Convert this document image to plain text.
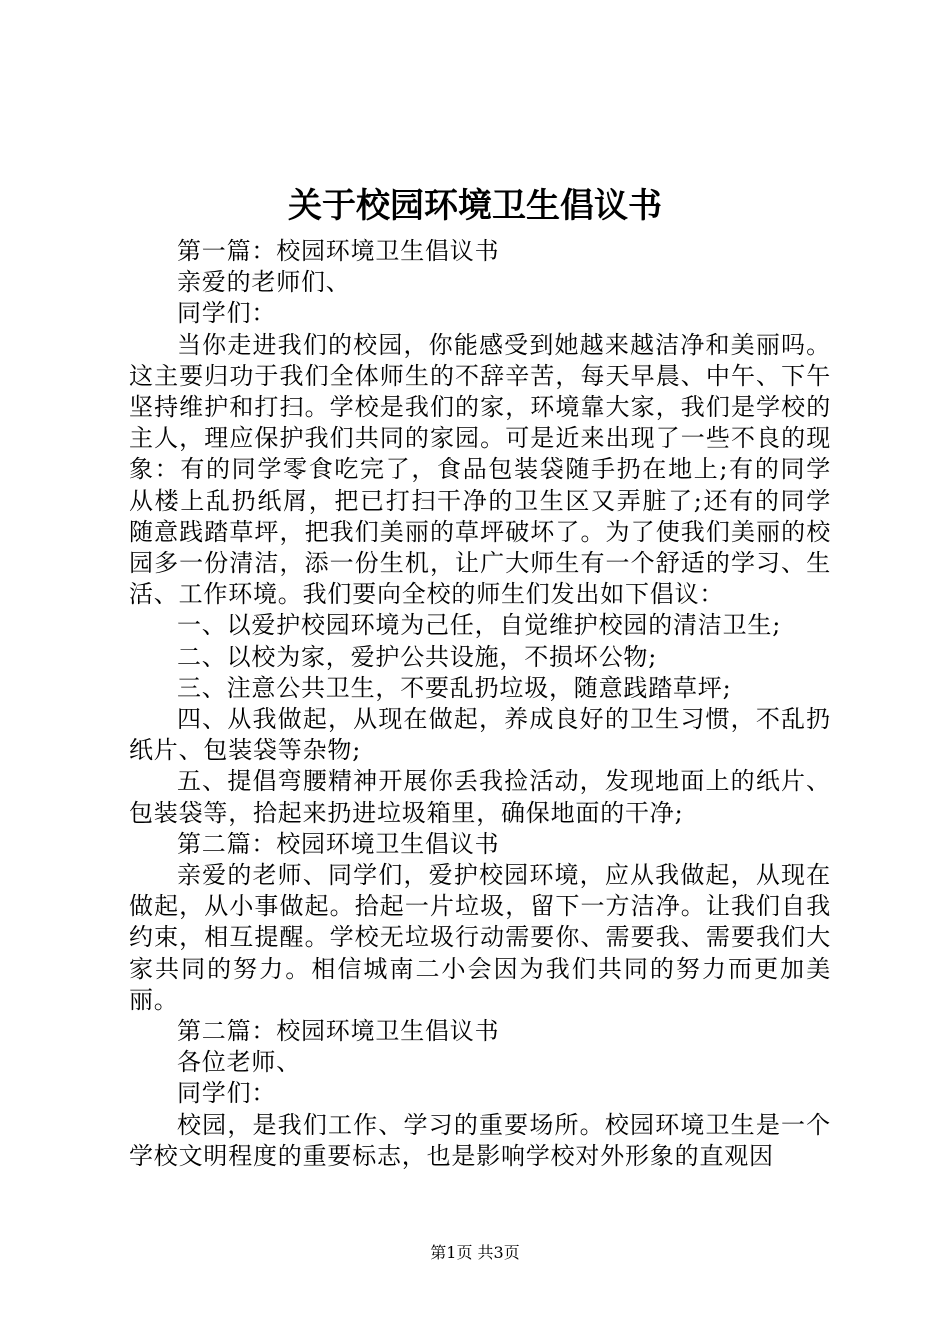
关于校园环境卫生倡议书

第一篇：校园环境卫生倡议书

亲爱的老师们、

同学们：

当你走进我们的校园，你能感受到她越来越洁净和美丽吗。这主要归功于我们全体师生的不辞辛苦，每天早晨、中午、下午坚持维护和打扫。学校是我们的家，环境靠大家，我们是学校的主人，理应保护我们共同的家园。可是近来出现了一些不良的现象：有的同学零食吃完了，食品包装袋随手扔在地上;有的同学从楼上乱扔纸屑，把已打扫干净的卫生区又弄脏了;还有的同学随意践踏草坪，把我们美丽的草坪破坏了。为了使我们美丽的校园多一份清洁，添一份生机，让广大师生有一个舒适的学习、生活、工作环境。我们要向全校的师生们发出如下倡议：

一、以爱护校园环境为己任，自觉维护校园的清洁卫生;

二、以校为家，爱护公共设施，不损坏公物;

三、注意公共卫生，不要乱扔垃圾，随意践踏草坪;

四、从我做起，从现在做起，养成良好的卫生习惯，不乱扔纸片、包装袋等杂物;

五、提倡弯腰精神开展你丢我捡活动，发现地面上的纸片、包装袋等，拾起来扔进垃圾箱里，确保地面的干净;

第二篇：校园环境卫生倡议书

亲爱的老师、同学们，爱护校园环境，应从我做起，从现在做起，从小事做起。拾起一片垃圾，留下一方洁净。让我们自我约束，相互提醒。学校无垃圾行动需要你、需要我、需要我们大家共同的努力。相信城南二小会因为我们共同的努力而更加美丽。

第二篇：校园环境卫生倡议书

各位老师、

同学们：

校园，是我们工作、学习的重要场所。校园环境卫生是一个学校文明程度的重要标志，也是影响学校对外形象的直观因

第1页 共3页
